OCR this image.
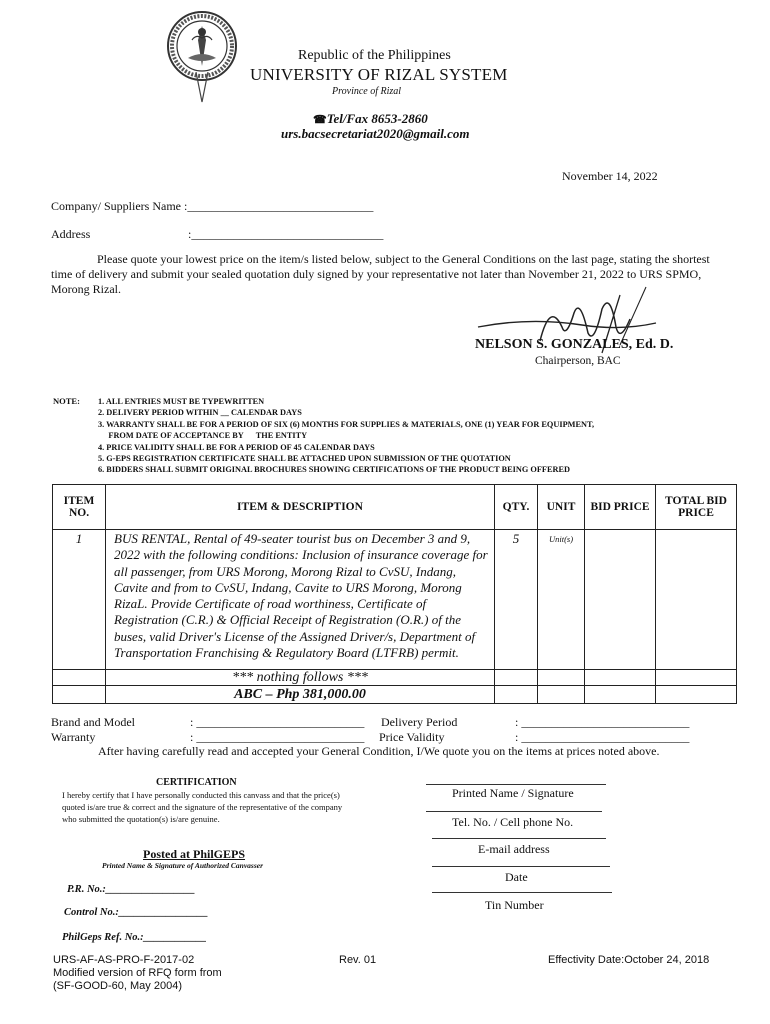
Republic of the Philippines
UNIVERSITY OF RIZAL SYSTEM
Province of Rizal
☎Tel/Fax 8653-2860
urs.bacsecretariat2020@gmail.com
November 14, 2022
Company/ Suppliers Name :_______________________________
Address	:________________________________
Please quote your lowest price on the item/s listed below, subject to the General Conditions on the last page, stating the shortest time of delivery and submit your sealed quotation duly signed by your representative not later than November 21, 2022 to URS SPMO, Morong Rizal.
NELSON S. GONZALES, Ed. D.
Chairperson, BAC
NOTE: 1. ALL ENTRIES MUST BE TYPEWRITTEN
2. DELIVERY PERIOD WITHIN __ CALENDAR DAYS
3. WARRANTY SHALL BE FOR A PERIOD OF SIX (6) MONTHS FOR SUPPLIES & MATERIALS, ONE (1) YEAR FOR EQUIPMENT,
FROM DATE OF ACCEPTANCE BY      THE ENTITY
4. PRICE VALIDITY SHALL BE FOR A PERIOD OF 45 CALENDAR DAYS
5. G-EPS REGISTRATION CERTIFICATE SHALL BE ATTACHED UPON SUBMISSION OF THE QUOTATION
6. BIDDERS SHALL SUBMIT ORIGINAL BROCHURES SHOWING CERTIFICATIONS OF THE PRODUCT BEING OFFERED
ITEM NO.	ITEM & DESCRIPTION	QTY.	UNIT	BID PRICE	TOTAL BID PRICE
1	BUS RENTAL, Rental of 49-seater tourist bus on December 3 and 9, 2022 with the following conditions: Inclusion of insurance coverage for all passenger, from URS Morong, Morong Rizal to CvSU, Indang, Cavite and from to CvSU, Indang, Cavite to URS Morong, Morong RizaL. Provide Certificate of road worthiness, Certificate of Registration (C.R.) & Official Receipt of Registration (O.R.) of the buses, valid Driver's License of the Assigned Driver/s, Department of Transportation Franchising & Regulatory Board (LTFRB) permit.	5	Unit(s)		
	*** nothing follows ***				
	ABC – Php 381,000.00				
Brand and Model	: ____________________________ Delivery Period	: ____________________________
Warranty	: ____________________________ Price Validity	: ____________________________
After having carefully read and accepted your General Condition, I/We quote you on the items at prices noted above.
CERTIFICATION
I hereby certify that I have personally conducted this canvass and that the price(s) quoted is/are true & correct and the signature of the representative of the company who submitted the quotation(s) is/are genuine.
Posted at PhilGEPS
Printed Name & Signature of Authorized Canvasser
P.R. No.:_________________
Control No.:_________________
PhilGeps Ref. No.:____________
Printed Name / Signature
Tel. No. / Cell phone No.
E-mail address
Date
Tin Number
URS-AF-AS-PRO-F-2017-02
Modified version of RFQ form from
(SF-GOOD-60, May 2004)
Rev. 01	Effectivity Date:October 24, 2018
